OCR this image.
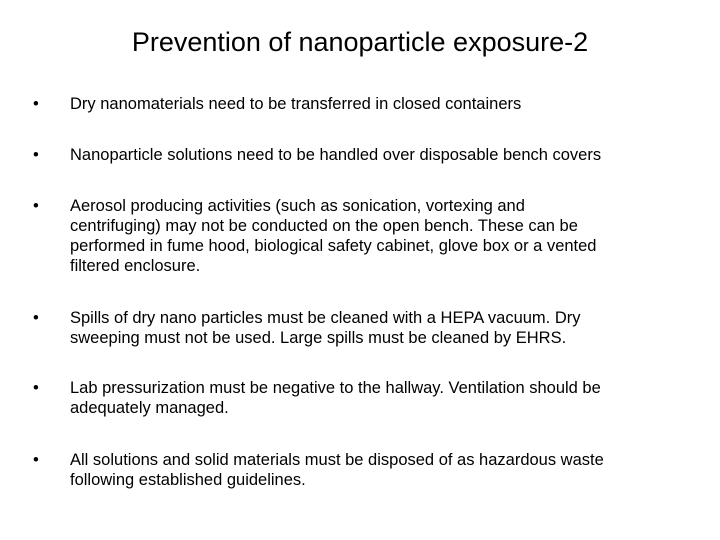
Prevention of nanoparticle exposure-2
• Dry nanomaterials need to be transferred in closed containers
• Nanoparticle solutions need to be handled over disposable bench covers
• Aerosol producing activities (such as sonication, vortexing and
centrifuging) may not be conducted on the open bench. These can be
performed in fume hood, biological safety cabinet, glove box or a vented
filtered enclosure.
• Spills of dry nano particles must be cleaned with a HEPA vacuum. Dry
sweeping must not be used. Large spills must be cleaned by EHRS.
• Lab pressurization must be negative to the hallway. Ventilation should be
adequately managed.
• All solutions and solid materials must be disposed of as hazardous waste
following established guidelines.
